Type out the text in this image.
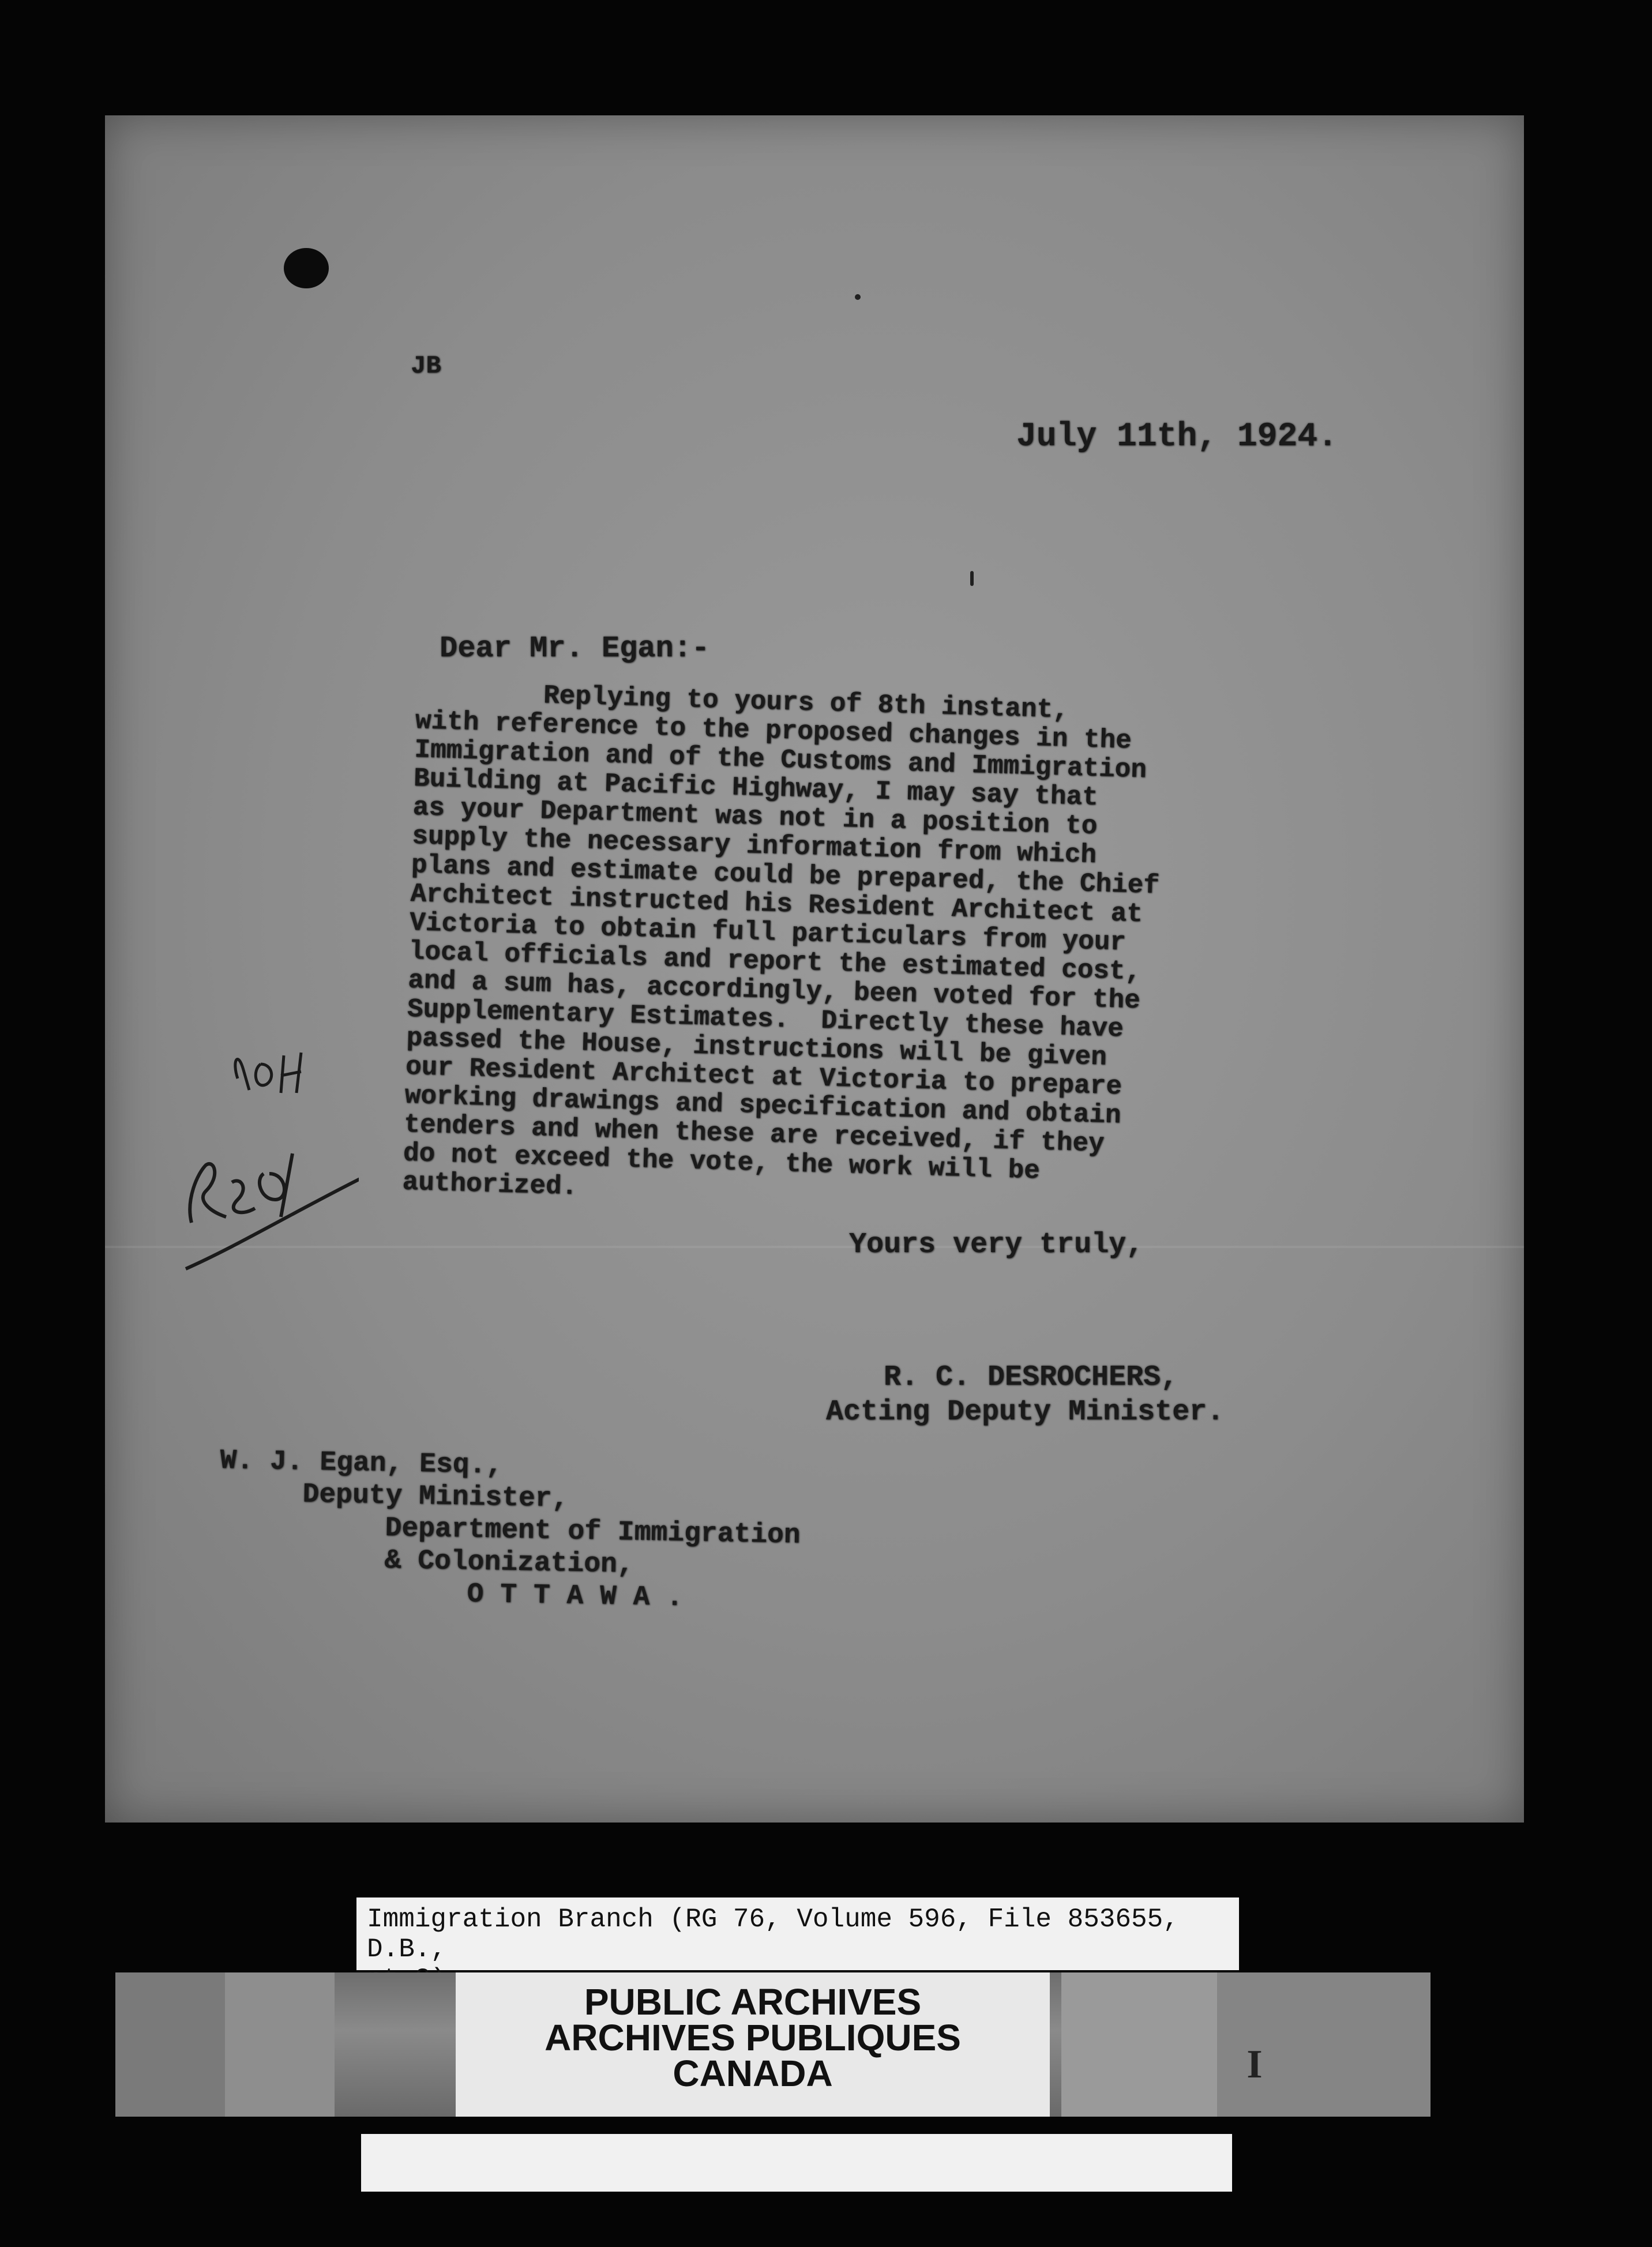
JB

July 11th, 1924.

Dear Mr. Egan:-

Replying to yours of 8th instant,
with reference to the proposed changes in the
Immigration and of the Customs and Immigration
Building at Pacific Highway, I may say that
as your Department was not in a position to
supply the necessary information from which
plans and estimate could be prepared, the Chief
Architect instructed his Resident Architect at
Victoria to obtain full particulars from your
local officials and report the estimated cost,
and a sum has, accordingly, been voted for the
Supplementary Estimates.  Directly these have
passed the House, instructions will be given
our Resident Architect at Victoria to prepare
working drawings and specification and obtain
tenders and when these are received, if they
do not exceed the vote, the work will be
authorized.

Yours very truly,

R. C. DESROCHERS,

Acting Deputy Minister.

W. J. Egan, Esq.,
Deputy Minister,
Department of Immigration
& Colonization,
O T T A W A .

Immigration Branch (RG 76, Volume 596, File 853655, D.B.,

PUBLIC ARCHIVES
ARCHIVES PUBLIQUES
CANADA	I
